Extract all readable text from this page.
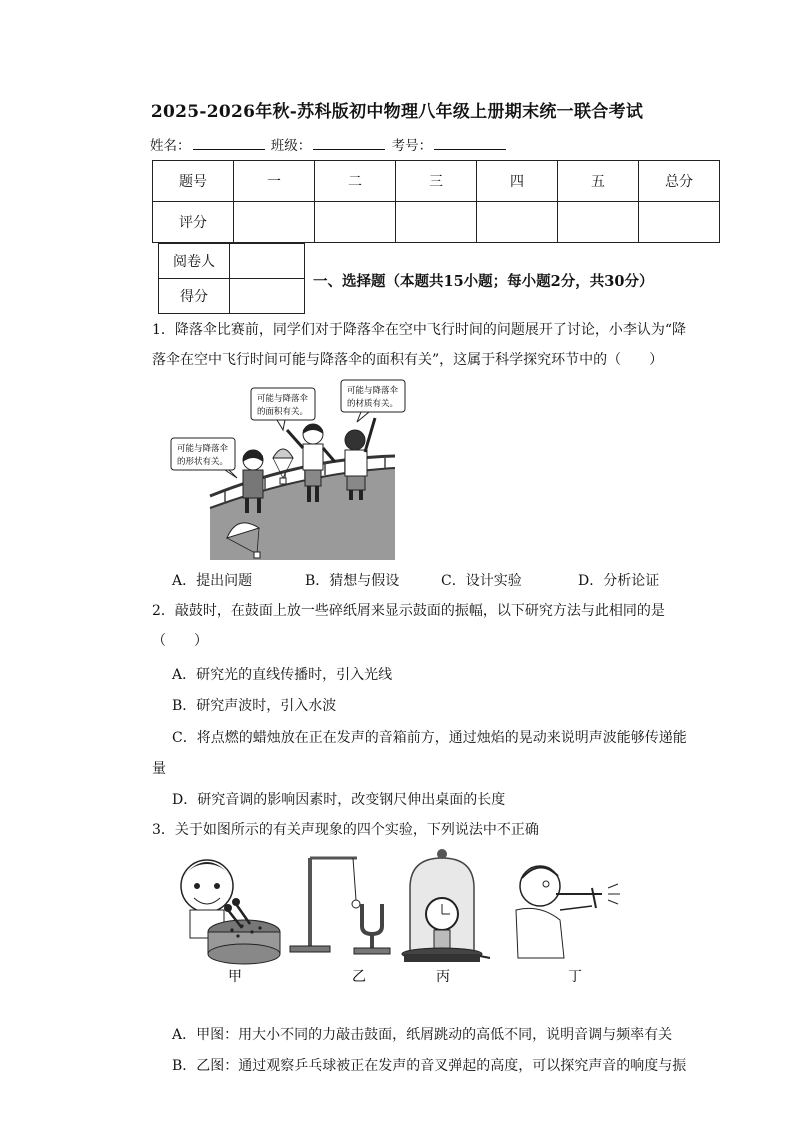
2025-2026年秋-苏科版初中物理八年级上册期末统一联合考试
姓名：	班级：	考号：
题号	一	二	三	四	五	总分
评分						
阅卷人	
得分	
一、选择题（本题共15小题；每小题2分，共30分）
1．降落伞比赛前，同学们对于降落伞在空中飞行时间的问题展开了讨论，小李认为“降
落伞在空中飞行时间可能与降落伞的面积有关”，这属于科学探究环节中的（　　）
可能与降落伞
的形状有关。
可能与降落伞
的面积有关。
可能与降落伞
的材质有关。
A．提出问题	B．猜想与假设	C．设计实验	D．分析论证
2．敲鼓时，在鼓面上放一些碎纸屑来显示鼓面的振幅，以下研究方法与此相同的是
（　　）
A．研究光的直线传播时，引入光线
B．研究声波时，引入水波
C．将点燃的蜡烛放在正在发声的音箱前方，通过烛焰的晃动来说明声波能够传递能
量
D．研究音调的影响因素时，改变钢尺伸出桌面的长度
3．关于如图所示的有关声现象的四个实验，下列说法中不正确
甲	乙	丙	丁
A．甲图：用大小不同的力敲击鼓面，纸屑跳动的高低不同，说明音调与频率有关
B．乙图：通过观察乒乓球被正在发声的音叉弹起的高度，可以探究声音的响度与振
